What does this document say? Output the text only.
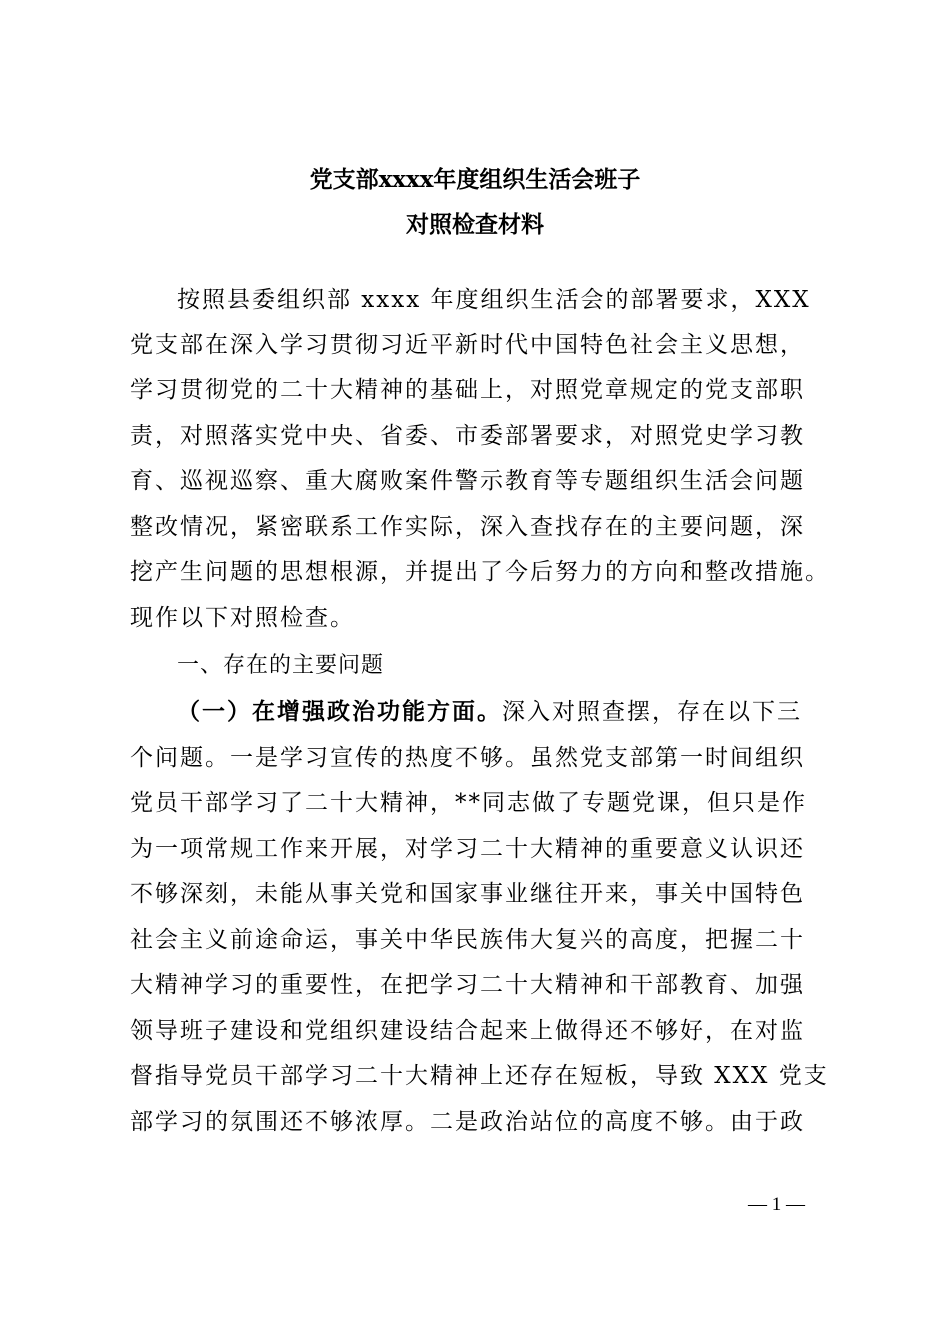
党支部xxxx年度组织生活会班子
对照检查材料
按照县委组织部 xxxx 年度组织生活会的部署要求，XXX
党支部在深入学习贯彻习近平新时代中国特色社会主义思想，
学习贯彻党的二十大精神的基础上，对照党章规定的党支部职
责，对照落实党中央、省委、市委部署要求，对照党史学习教
育、巡视巡察、重大腐败案件警示教育等专题组织生活会问题
整改情况，紧密联系工作实际，深入查找存在的主要问题，深
挖产生问题的思想根源，并提出了今后努力的方向和整改措施。
现作以下对照检查。
一、存在的主要问题
（一）在增强政治功能方面。深入对照查摆，存在以下三
个问题。一是学习宣传的热度不够。虽然党支部第一时间组织
党员干部学习了二十大精神，**同志做了专题党课，但只是作
为一项常规工作来开展，对学习二十大精神的重要意义认识还
不够深刻，未能从事关党和国家事业继往开来，事关中国特色
社会主义前途命运，事关中华民族伟大复兴的高度，把握二十
大精神学习的重要性，在把学习二十大精神和干部教育、加强
领导班子建设和党组织建设结合起来上做得还不够好，在对监
督指导党员干部学习二十大精神上还存在短板，导致 XXX 党支
部学习的氛围还不够浓厚。二是政治站位的高度不够。由于政
— 1 —
